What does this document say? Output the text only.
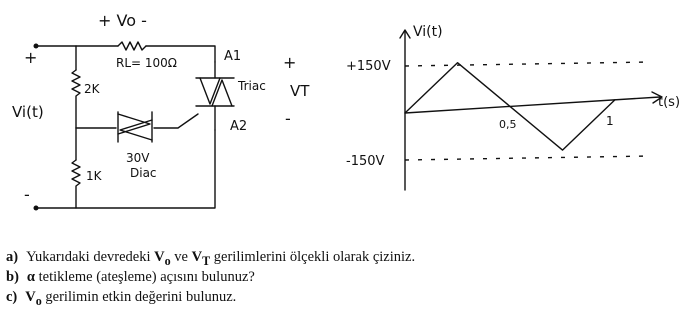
+ Vo -
RL= 100Ω	A1
A2
+
-
+
-
Triac VT
Vi(t)
2K
1K
30V
Diac
Vi(t)
t(s)
+150V
-150V
0,5	1
a) Yukarıdaki devredeki $V_o$ ve $V_T$ gerilimlerini ölçekli olarak çiziniz.
b) α tetikleme (ateşleme) açısını bulunuz?
c) $V_o$ gerilimin etkin değerini bulunuz.
